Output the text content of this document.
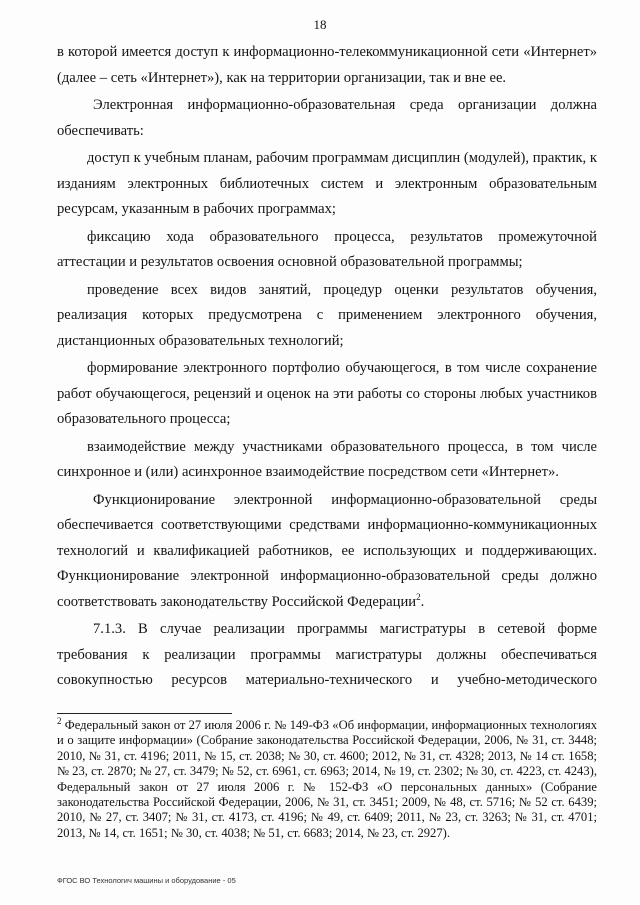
18

в которой имеется доступ к информационно-телекоммуникационной сети «Интернет» (далее – сеть «Интернет»), как на территории организации, так и вне ее.

Электронная информационно-образовательная среда организации должна обеспечивать:

доступ к учебным планам, рабочим программам дисциплин (модулей), практик, к изданиям электронных библиотечных систем и электронным образовательным ресурсам, указанным в рабочих программах;

фиксацию хода образовательного процесса, результатов промежуточной аттестации и результатов освоения основной образовательной программы;

проведение всех видов занятий, процедур оценки результатов обучения, реализация которых предусмотрена с применением электронного обучения, дистанционных образовательных технологий;

формирование электронного портфолио обучающегося, в том числе сохранение работ обучающегося, рецензий и оценок на эти работы со стороны любых участников образовательного процесса;

взаимодействие между участниками образовательного процесса, в том числе синхронное и (или) асинхронное взаимодействие посредством сети «Интернет».

Функционирование электронной информационно-образовательной среды обеспечивается соответствующими средствами информационно-коммуникационных технологий и квалификацией работников, ее использующих и поддерживающих. Функционирование электронной информационно-образовательной среды должно соответствовать законодательству Российской Федерации$^2$.

7.1.3. В случае реализации программы магистратуры в сетевой форме требования к реализации программы магистратуры должны обеспечиваться совокупностью ресурсов материально-технического и учебно-методического

$^2$ Федеральный закон от 27 июля 2006 г. № 149-ФЗ «Об информации, информационных технологиях и о защите информации» (Собрание законодательства Российской Федерации, 2006, № 31, ст. 3448; 2010, № 31, ст. 4196; 2011, № 15, ст. 2038; № 30, ст. 4600; 2012, № 31, ст. 4328; 2013, № 14 ст. 1658; № 23, ст. 2870; № 27, ст. 3479; № 52, ст. 6961, ст. 6963; 2014, № 19, ст. 2302; № 30, ст. 4223, ст. 4243), Федеральный закон от 27 июля 2006 г. № 152-ФЗ «О персональных данных» (Собрание законодательства Российской Федерации, 2006, № 31, ст. 3451; 2009, № 48, ст. 5716; № 52 ст. 6439; 2010, № 27, ст. 3407; № 31, ст. 4173, ст. 4196; № 49, ст. 6409; 2011, № 23, ст. 3263; № 31, ст. 4701; 2013, № 14, ст. 1651; № 30, ст. 4038; № 51, ст. 6683; 2014, № 23, ст. 2927).
ФГОС ВО Технологич машины и оборудование - 05
